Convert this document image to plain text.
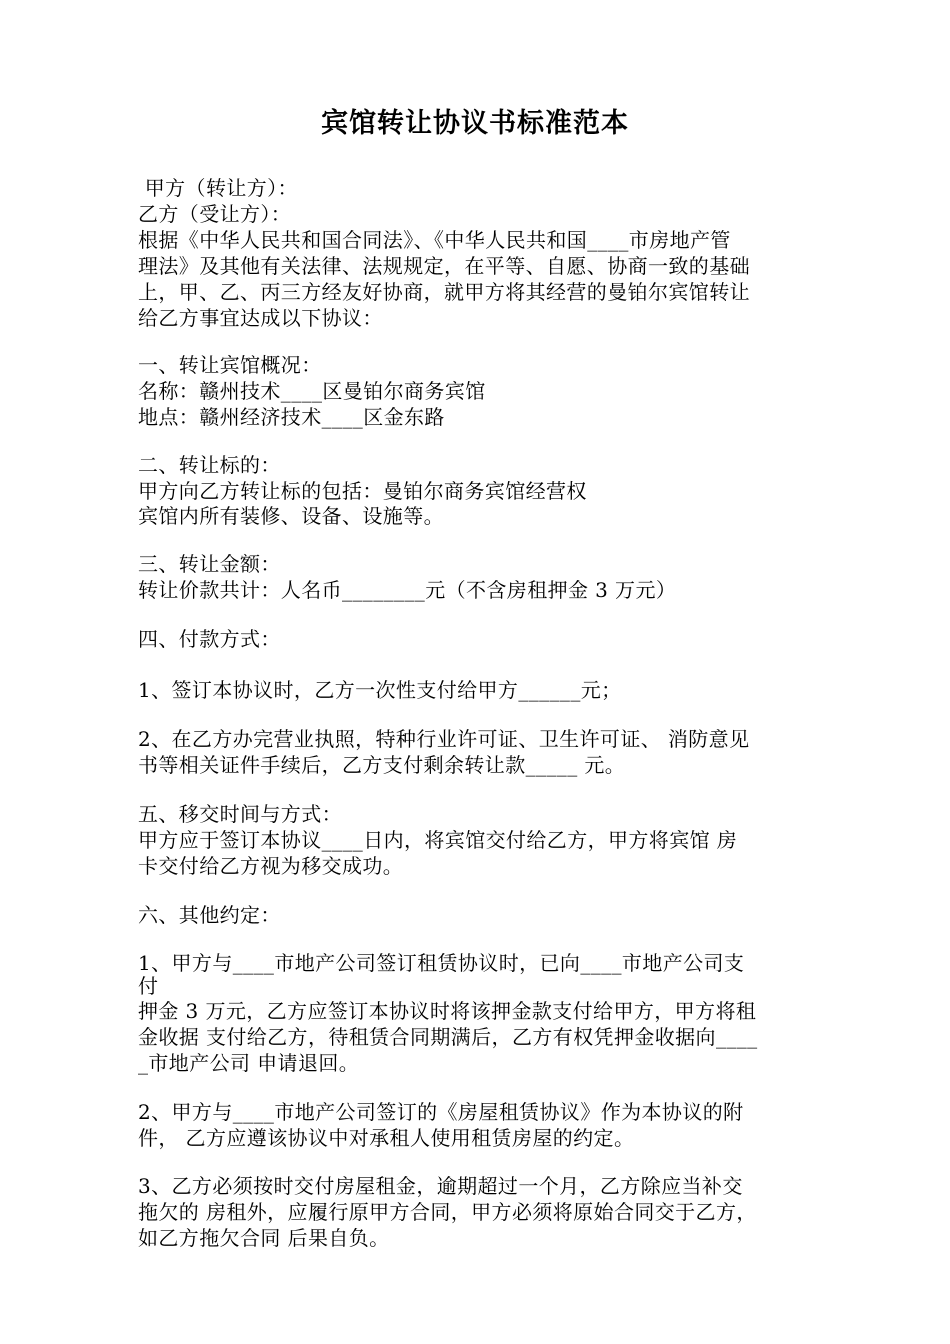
宾馆转让协议书标准范本
甲方（转让方）：
乙方（受让方）：
根据《中华人民共和国合同法》、《中华人民共和国____市房地产管
理法》及其他有关法律、法规规定，在平等、自愿、协商一致的基础
上，甲、乙、丙三方经友好协商，就甲方将其经营的曼铂尔宾馆转让
给乙方事宜达成以下协议：
一、转让宾馆概况：
名称：赣州技术____区曼铂尔商务宾馆
地点：赣州经济技术____区金东路
二、转让标的：
甲方向乙方转让标的包括：曼铂尔商务宾馆经营权
宾馆内所有装修、设备、设施等。
三、转让金额：
转让价款共计：人名币________元（不含房租押金 3 万元）
四、付款方式：
1、签订本协议时，乙方一次性支付给甲方______元；
2、在乙方办完营业执照，特种行业许可证、卫生许可证、 消防意见
书等相关证件手续后，乙方支付剩余转让款_____ 元。
五、移交时间与方式：
甲方应于签订本协议____日内，将宾馆交付给乙方，甲方将宾馆 房
卡交付给乙方视为移交成功。
六、其他约定：
1、甲方与____市地产公司签订租赁协议时，已向____市地产公司支
付
押金 3 万元，乙方应签订本协议时将该押金款支付给甲方，甲方将租
金收据 支付给乙方，待租赁合同期满后，乙方有权凭押金收据向____
_市地产公司 申请退回。
2、甲方与____市地产公司签订的《房屋租赁协议》作为本协议的附
件， 乙方应遵该协议中对承租人使用租赁房屋的约定。
3、乙方必须按时交付房屋租金，逾期超过一个月，乙方除应当补交
拖欠的 房租外，应履行原甲方合同，甲方必须将原始合同交于乙方，
如乙方拖欠合同 后果自负。
